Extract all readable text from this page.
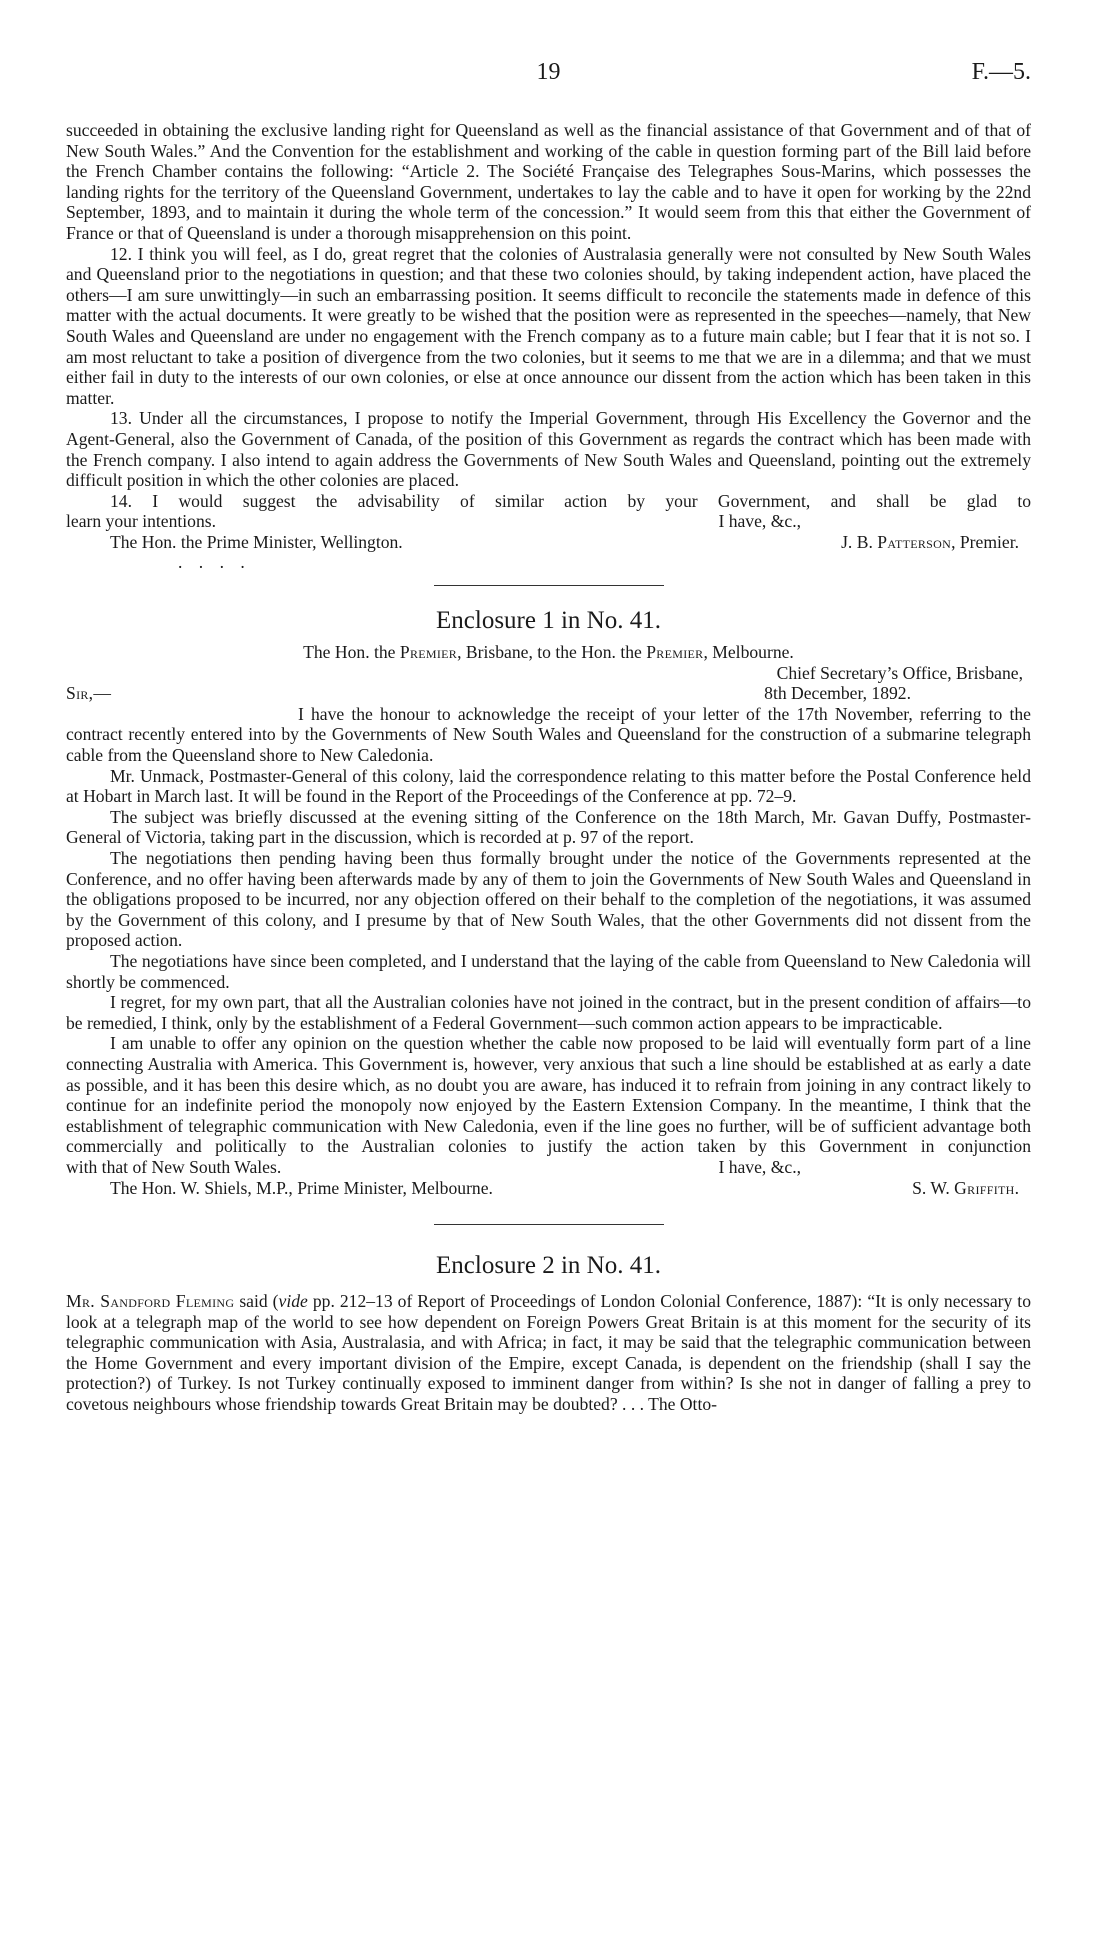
19	F.—5.

succeeded in obtaining the exclusive landing right for Queensland as well as the financial assistance of that Government and of that of New South Wales.” And the Convention for the establishment and working of the cable in question forming part of the Bill laid before the French Chamber contains the following: “Article 2. The Société Française des Telegraphes Sous-Marins, which possesses the landing rights for the territory of the Queensland Government, undertakes to lay the cable and to have it open for working by the 22nd September, 1893, and to maintain it during the whole term of the concession.” It would seem from this that either the Government of France or that of Queensland is under a thorough misapprehension on this point.

12. I think you will feel, as I do, great regret that the colonies of Australasia generally were not consulted by New South Wales and Queensland prior to the negotiations in question; and that these two colonies should, by taking independent action, have placed the others—I am sure unwittingly—in such an embarrassing position. It seems difficult to reconcile the statements made in defence of this matter with the actual documents. It were greatly to be wished that the position were as represented in the speeches—namely, that New South Wales and Queensland are under no engagement with the French company as to a future main cable; but I fear that it is not so. I am most reluctant to take a position of divergence from the two colonies, but it seems to me that we are in a dilemma; and that we must either fail in duty to the interests of our own colonies, or else at once announce our dissent from the action which has been taken in this matter.

13. Under all the circumstances, I propose to notify the Imperial Government, through His Excellency the Governor and the Agent-General, also the Government of Canada, of the position of this Government as regards the contract which has been made with the French company. I also intend to again address the Governments of New South Wales and Queensland, pointing out the extremely difficult position in which the other colonies are placed.

14. I would suggest the advisability of similar action by your Government, and shall be glad to

learn your intentions.	I have, &c.,
The Hon. the Prime Minister, Wellington.	J. B. Patterson, Premier.
. . . .
Enclosure 1 in No. 41.
The Hon. the Premier, Brisbane, to the Hon. the Premier, Melbourne.
Chief Secretary’s Office, Brisbane,
Sir,—	8th December, 1892.

I have the honour to acknowledge the receipt of your letter of the 17th November, referring to the contract recently entered into by the Governments of New South Wales and Queensland for the construction of a submarine telegraph cable from the Queensland shore to New Caledonia.

Mr. Unmack, Postmaster-General of this colony, laid the correspondence relating to this matter before the Postal Conference held at Hobart in March last. It will be found in the Report of the Proceedings of the Conference at pp. 72–9.

The subject was briefly discussed at the evening sitting of the Conference on the 18th March, Mr. Gavan Duffy, Postmaster-General of Victoria, taking part in the discussion, which is recorded at p. 97 of the report.

The negotiations then pending having been thus formally brought under the notice of the Governments represented at the Conference, and no offer having been afterwards made by any of them to join the Governments of New South Wales and Queensland in the obligations proposed to be incurred, nor any objection offered on their behalf to the completion of the negotiations, it was assumed by the Government of this colony, and I presume by that of New South Wales, that the other Governments did not dissent from the proposed action.

The negotiations have since been completed, and I understand that the laying of the cable from Queensland to New Caledonia will shortly be commenced.

I regret, for my own part, that all the Australian colonies have not joined in the contract, but in the present condition of affairs—to be remedied, I think, only by the establishment of a Federal Government—such common action appears to be impracticable.

I am unable to offer any opinion on the question whether the cable now proposed to be laid will eventually form part of a line connecting Australia with America. This Government is, however, very anxious that such a line should be established at as early a date as possible, and it has been this desire which, as no doubt you are aware, has induced it to refrain from joining in any contract likely to continue for an indefinite period the monopoly now enjoyed by the Eastern Extension Company. In the meantime, I think that the establishment of telegraphic communication with New Caledonia, even if the line goes no further, will be of sufficient advantage both commercially and politically to the Australian colonies to justify the action taken by this Government in conjunction

with that of New South Wales.	I have, &c.,
The Hon. W. Shiels, M.P., Prime Minister, Melbourne.	S. W. Griffith.
Enclosure 2 in No. 41.

Mr. Sandford Fleming said (vide pp. 212–13 of Report of Proceedings of London Colonial Conference, 1887): “It is only necessary to look at a telegraph map of the world to see how dependent on Foreign Powers Great Britain is at this moment for the security of its telegraphic communication with Asia, Australasia, and with Africa; in fact, it may be said that the telegraphic communication between the Home Government and every important division of the Empire, except Canada, is dependent on the friendship (shall I say the protection?) of Turkey. Is not Turkey continually exposed to imminent danger from within? Is she not in danger of falling a prey to covetous neighbours whose friendship towards Great Britain may be doubted? . . . The Otto-
